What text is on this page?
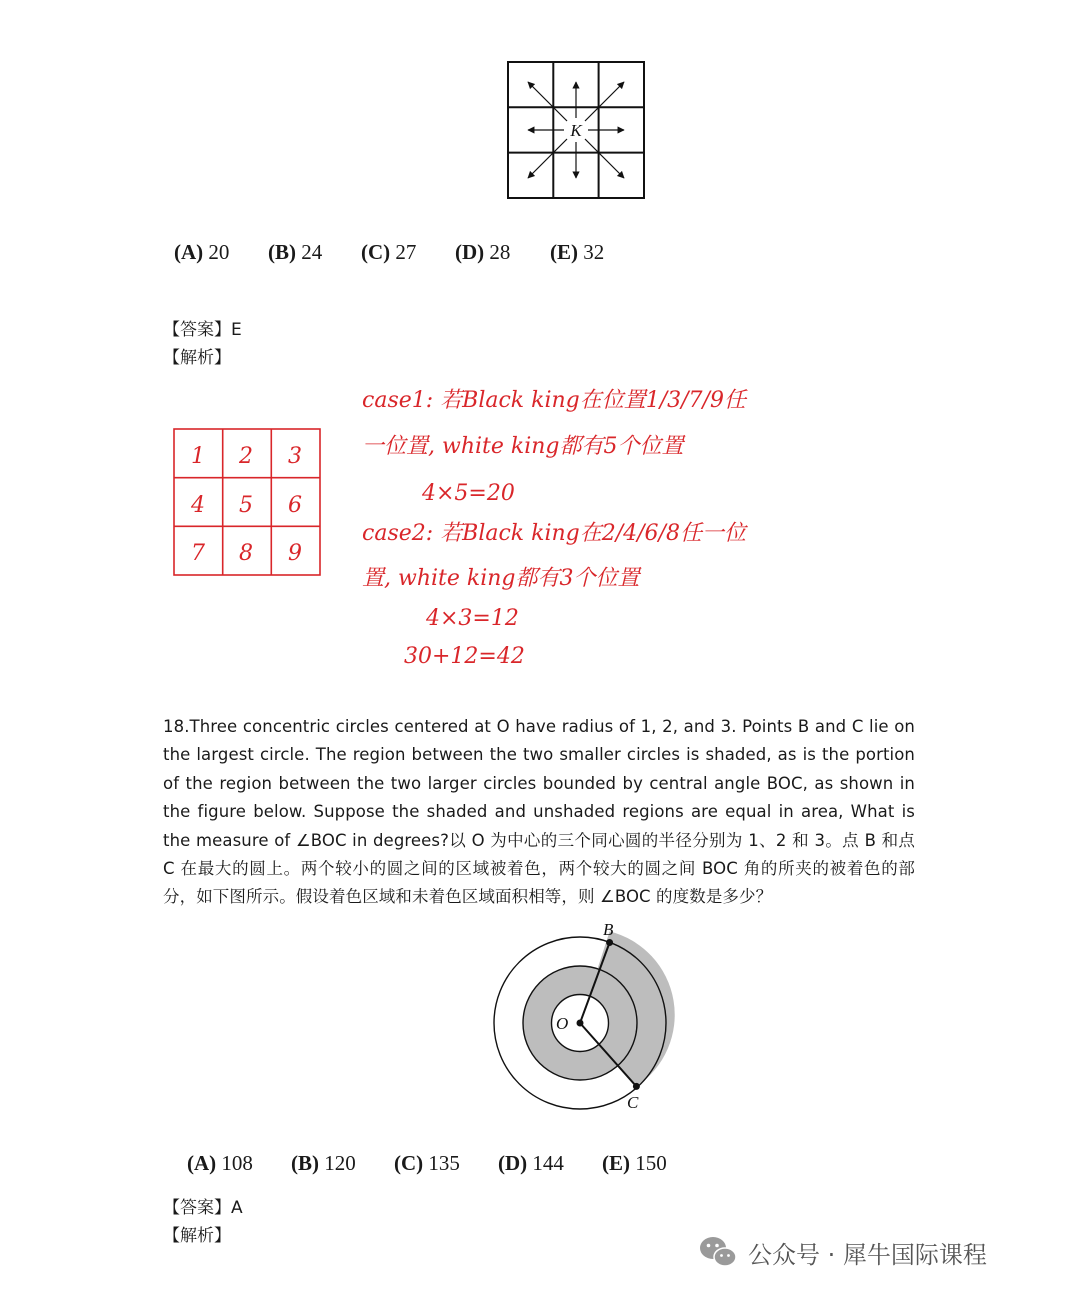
K
(A) 20	(B) 24	(C) 27	(D) 28	(E) 32
【答案】E
【解析】
1 2 3
4 5 6
7 8 9
case1: 若Black king在位置1/3/7/9任
一位置, white king都有5个位置
4×5=20
case2: 若Black king在2/4/6/8任一位
置, white king都有3个位置
4×3=12
30+12=42
18.Three concentric circles centered at O have radius of 1, 2, and 3. Points B and C lie on the largest circle. The region between the two smaller circles is shaded, as is the portion of the region between the two larger circles bounded by central angle BOC, as shown in the figure below. Suppose the shaded and unshaded regions are equal in area, What is the measure of ∠BOC in degrees?以 O 为中心的三个同心圆的半径分别为 1、2 和 3。点 B 和点 C 在最大的圆上。两个较小的圆之间的区域被着色，两个较大的圆之间 BOC 角的所夹的被着色的部分，如下图所示。假设着色区域和未着色区域面积相等，则 ∠BOC 的度数是多少？
O
B
C
(A) 108	(B) 120	(C) 135	(D) 144	(E) 150
【答案】A
【解析】
公众号 · 犀牛国际课程
